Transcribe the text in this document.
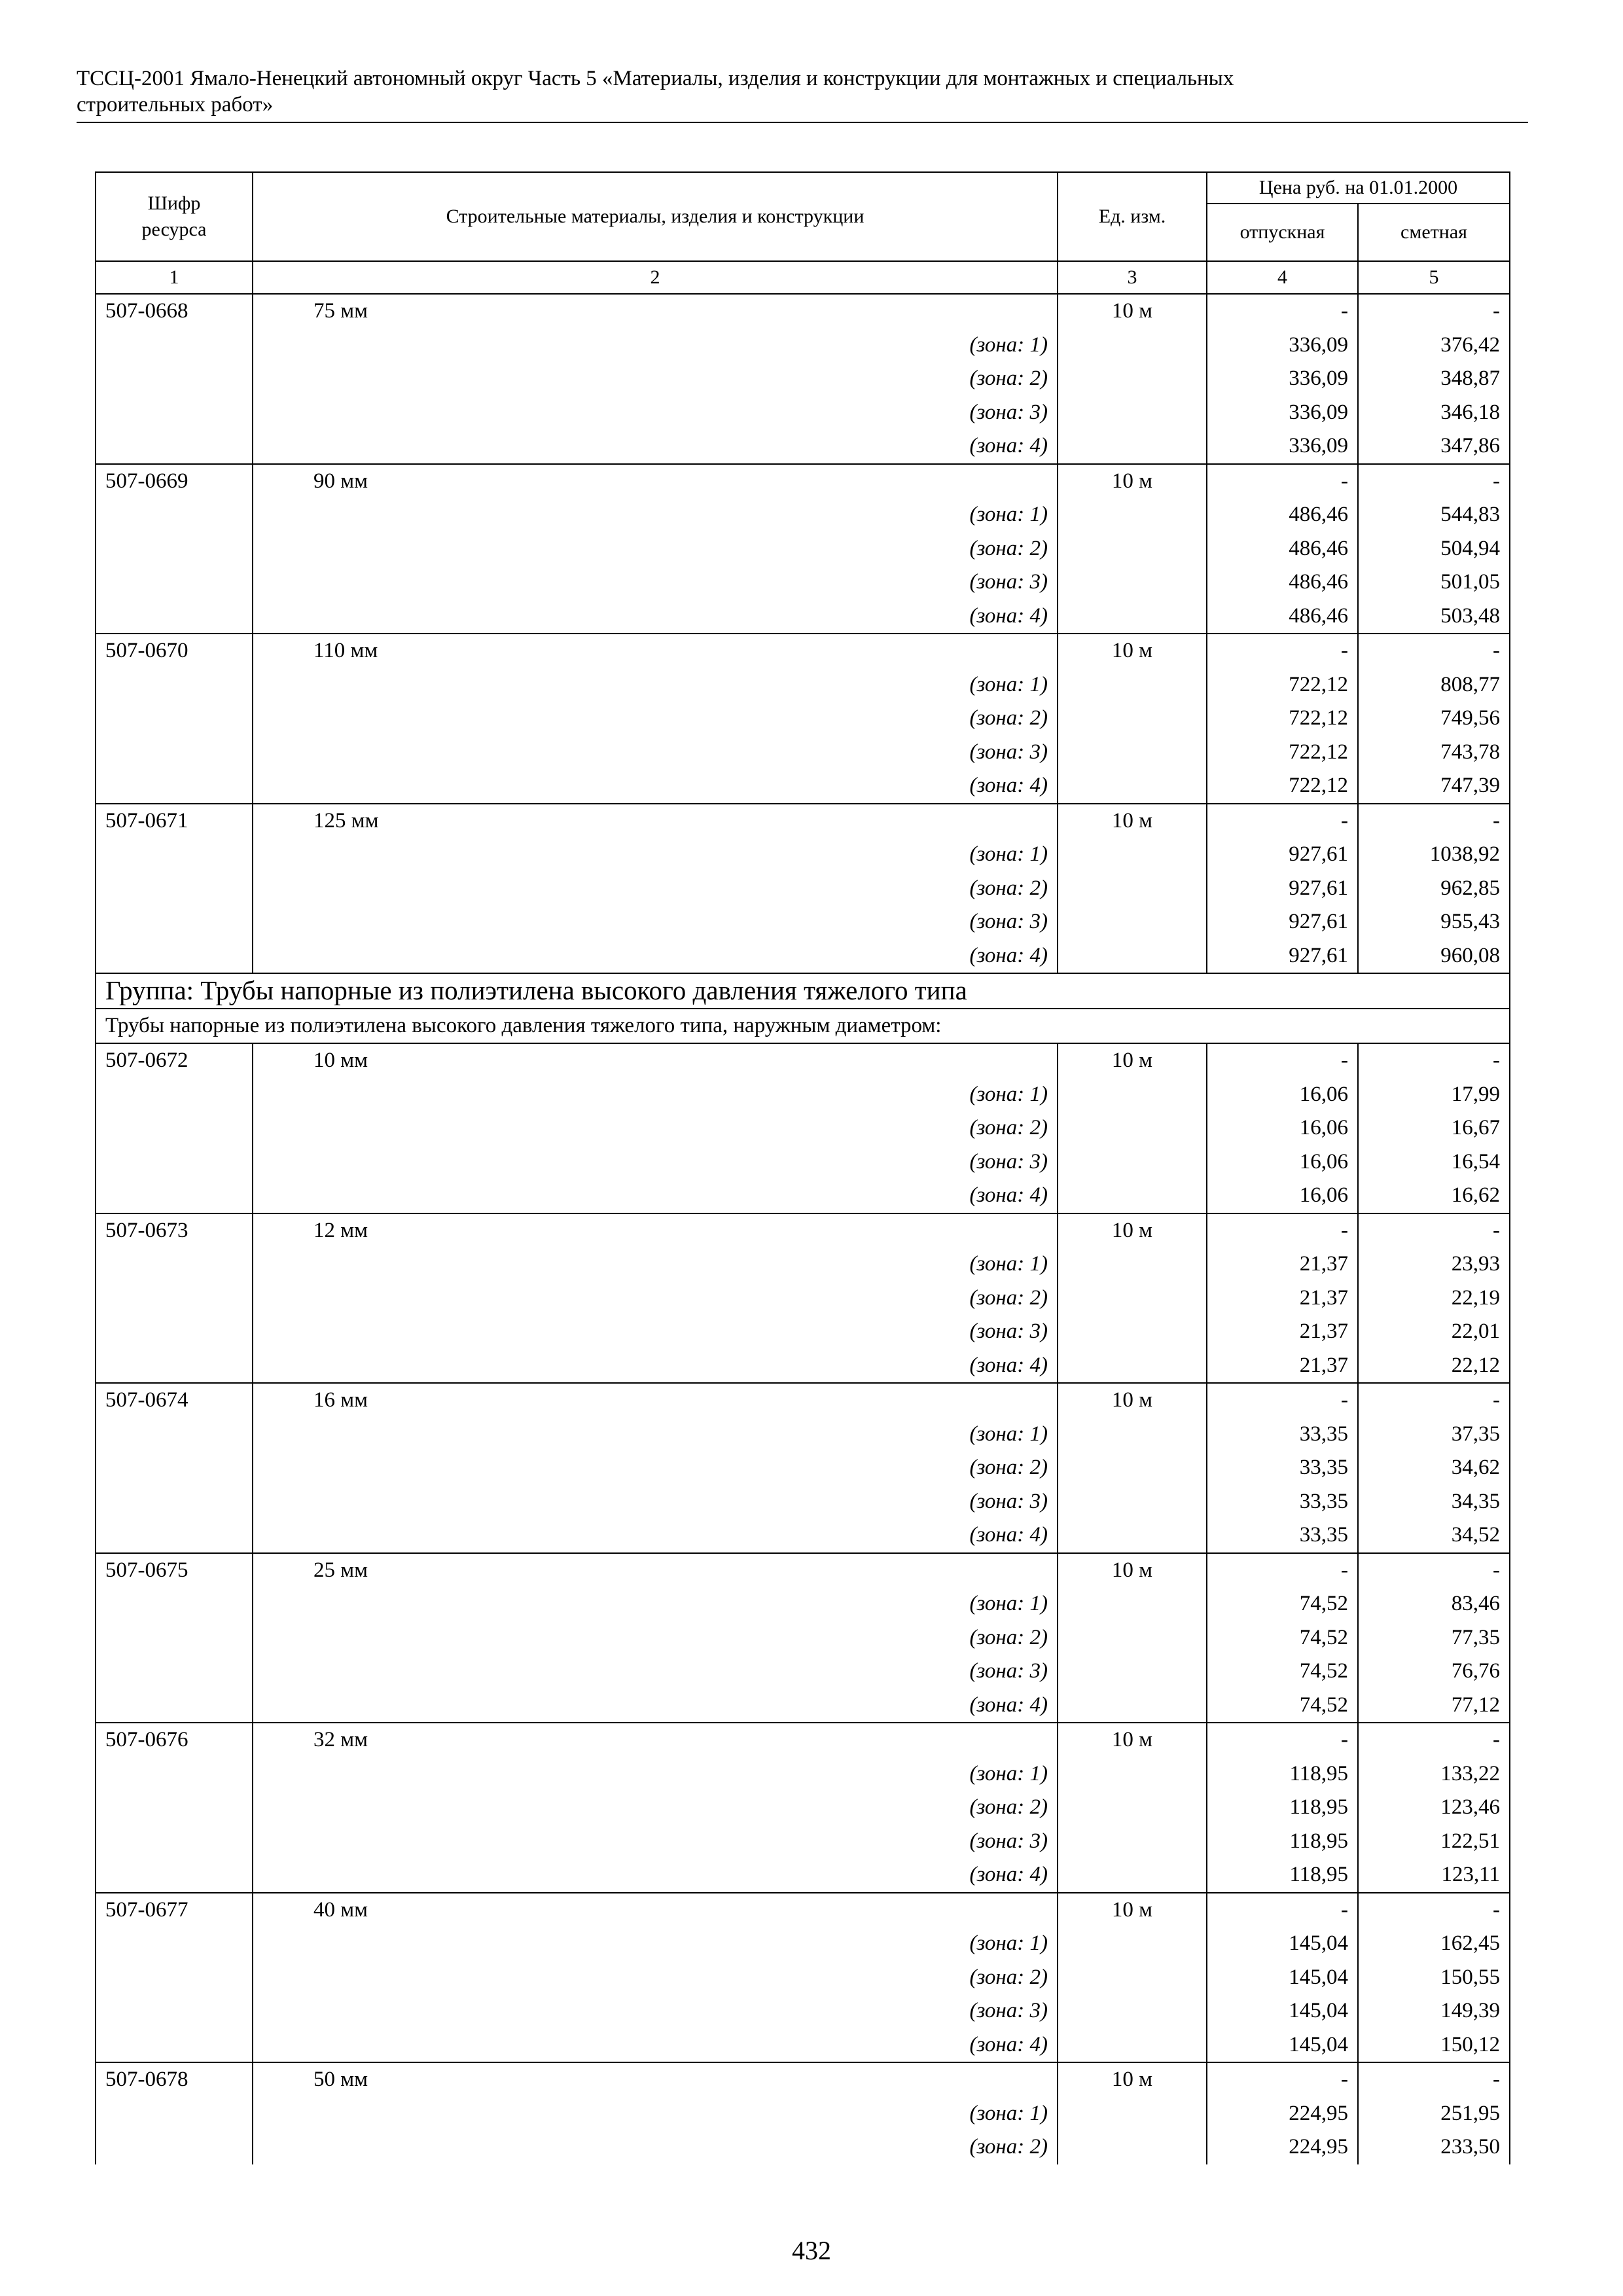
ТССЦ-2001 Ямало-Ненецкий автономный округ Часть 5 «Материалы, изделия и конструкции для монтажных и специальных
строительных работ»
Шифр ресурса	Строительные материалы, изделия и конструкции	Ед. изм.	Цена руб. на 01.01.2000	
			отпускная	сметная
1	2	3	4	5
507-0668	75 мм	10 м	-	-
	(зона: 1)		336,09	376,42
	(зона: 2)		336,09	348,87
	(зона: 3)		336,09	346,18
	(зона: 4)		336,09	347,86
507-0669	90 мм	10 м	-	-
	(зона: 1)		486,46	544,83
	(зона: 2)		486,46	504,94
	(зона: 3)		486,46	501,05
	(зона: 4)		486,46	503,48
507-0670	110 мм	10 м	-	-
	(зона: 1)		722,12	808,77
	(зона: 2)		722,12	749,56
	(зона: 3)		722,12	743,78
	(зона: 4)		722,12	747,39
507-0671	125 мм	10 м	-	-
	(зона: 1)		927,61	1038,92
	(зона: 2)		927,61	962,85
	(зона: 3)		927,61	955,43
	(зона: 4)		927,61	960,08
Группа: Трубы напорные из полиэтилена высокого давления тяжелого типа				
Трубы напорные из полиэтилена высокого давления тяжелого типа, наружным диаметром:				
507-0672	10 мм	10 м	-	-
	(зона: 1)		16,06	17,99
	(зона: 2)		16,06	16,67
	(зона: 3)		16,06	16,54
	(зона: 4)		16,06	16,62
507-0673	12 мм	10 м	-	-
	(зона: 1)		21,37	23,93
	(зона: 2)		21,37	22,19
	(зона: 3)		21,37	22,01
	(зона: 4)		21,37	22,12
507-0674	16 мм	10 м	-	-
	(зона: 1)		33,35	37,35
	(зона: 2)		33,35	34,62
	(зона: 3)		33,35	34,35
	(зона: 4)		33,35	34,52
507-0675	25 мм	10 м	-	-
	(зона: 1)		74,52	83,46
	(зона: 2)		74,52	77,35
	(зона: 3)		74,52	76,76
	(зона: 4)		74,52	77,12
507-0676	32 мм	10 м	-	-
	(зона: 1)		118,95	133,22
	(зона: 2)		118,95	123,46
	(зона: 3)		118,95	122,51
	(зона: 4)		118,95	123,11
507-0677	40 мм	10 м	-	-
	(зона: 1)		145,04	162,45
	(зона: 2)		145,04	150,55
	(зона: 3)		145,04	149,39
	(зона: 4)		145,04	150,12
507-0678	50 мм	10 м	-	-
	(зона: 1)		224,95	251,95
	(зона: 2)		224,95	233,50
432
